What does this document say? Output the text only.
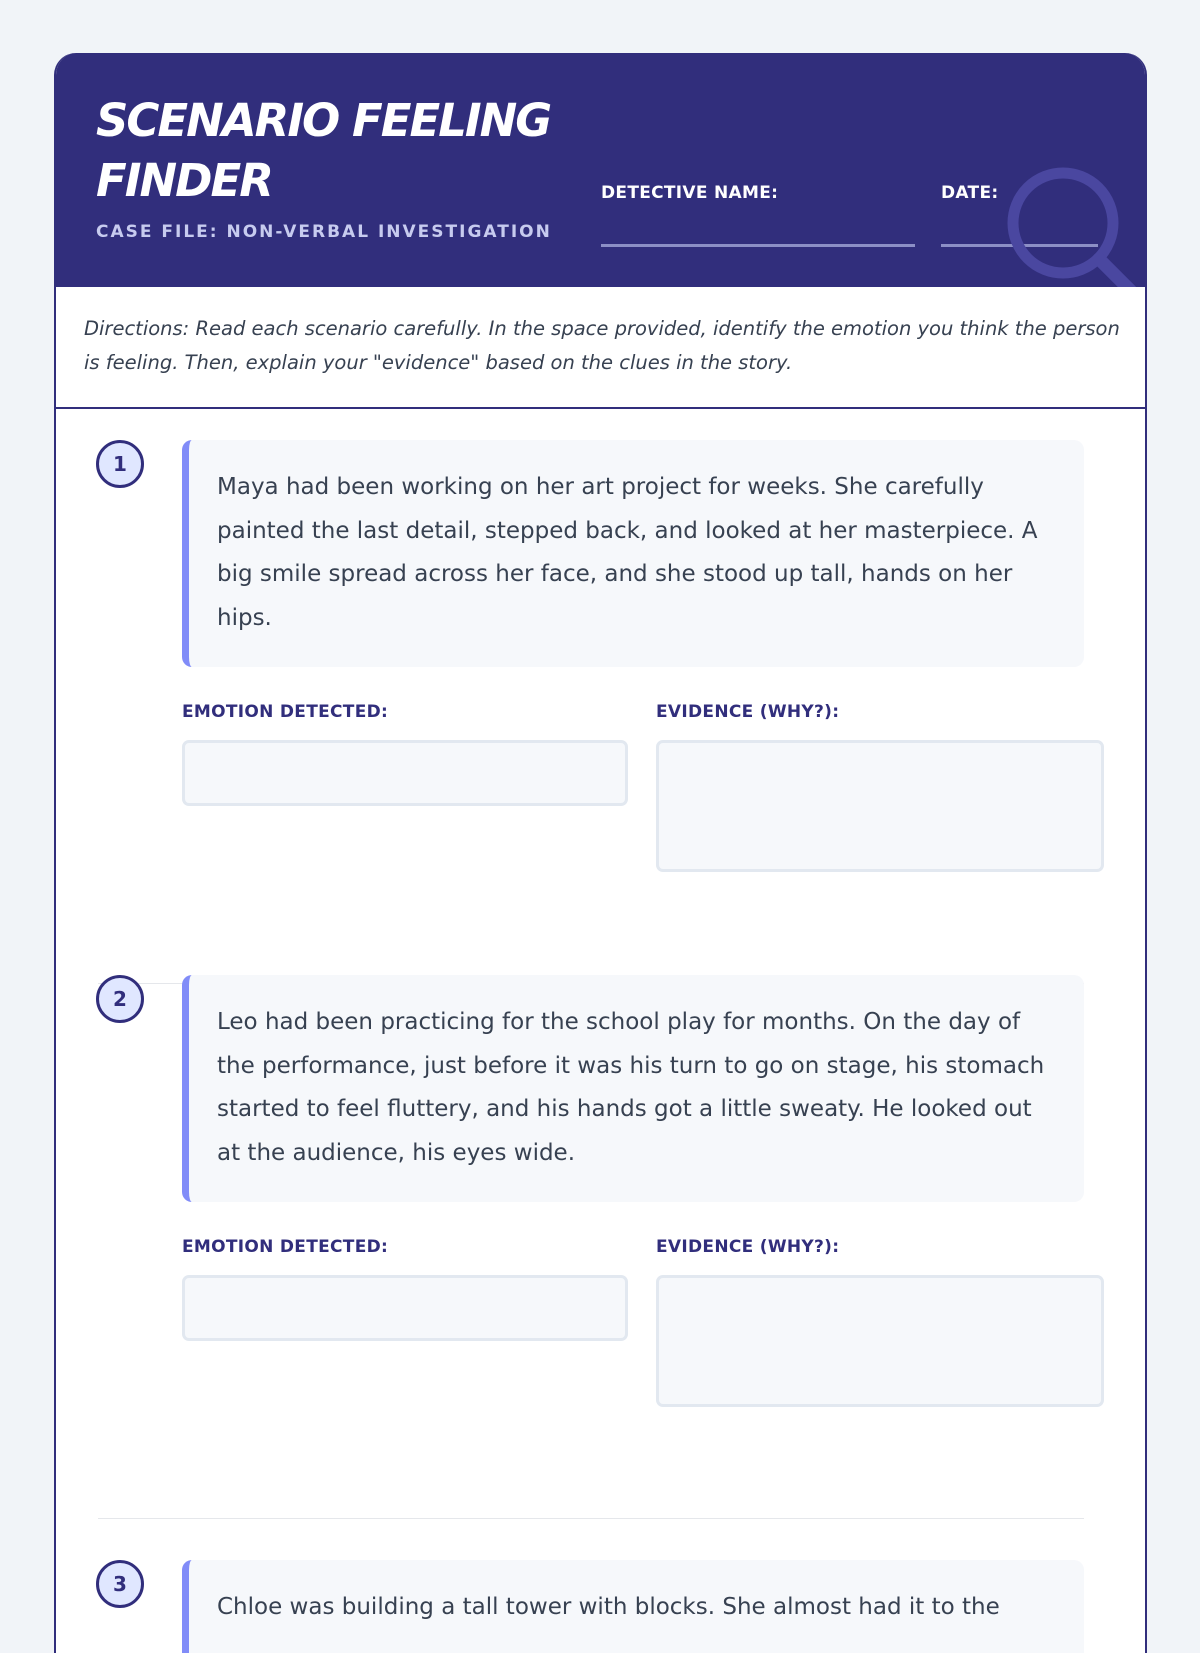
SCENARIO FEELING FINDER
CASE FILE: NON-VERBAL INVESTIGATION
DETECTIVE NAME:	DATE:

Directions: Read each scenario carefully. In the space provided, identify the emotion you think the person is feeling. Then, explain your "evidence" based on the clues in the story.

1
Maya had been working on her art project for weeks. She carefully painted the last detail, stepped back, and looked at her masterpiece. A big smile spread across her face, and she stood up tall, hands on her hips.
EMOTION DETECTED:	EVIDENCE (WHY?):
2
Leo had been practicing for the school play for months. On the day of the performance, just before it was his turn to go on stage, his stomach started to feel fluttery, and his hands got a little sweaty. He looked out at the audience, his eyes wide.
EMOTION DETECTED:	EVIDENCE (WHY?):
3
Chloe was building a tall tower with blocks. She almost had it to the
